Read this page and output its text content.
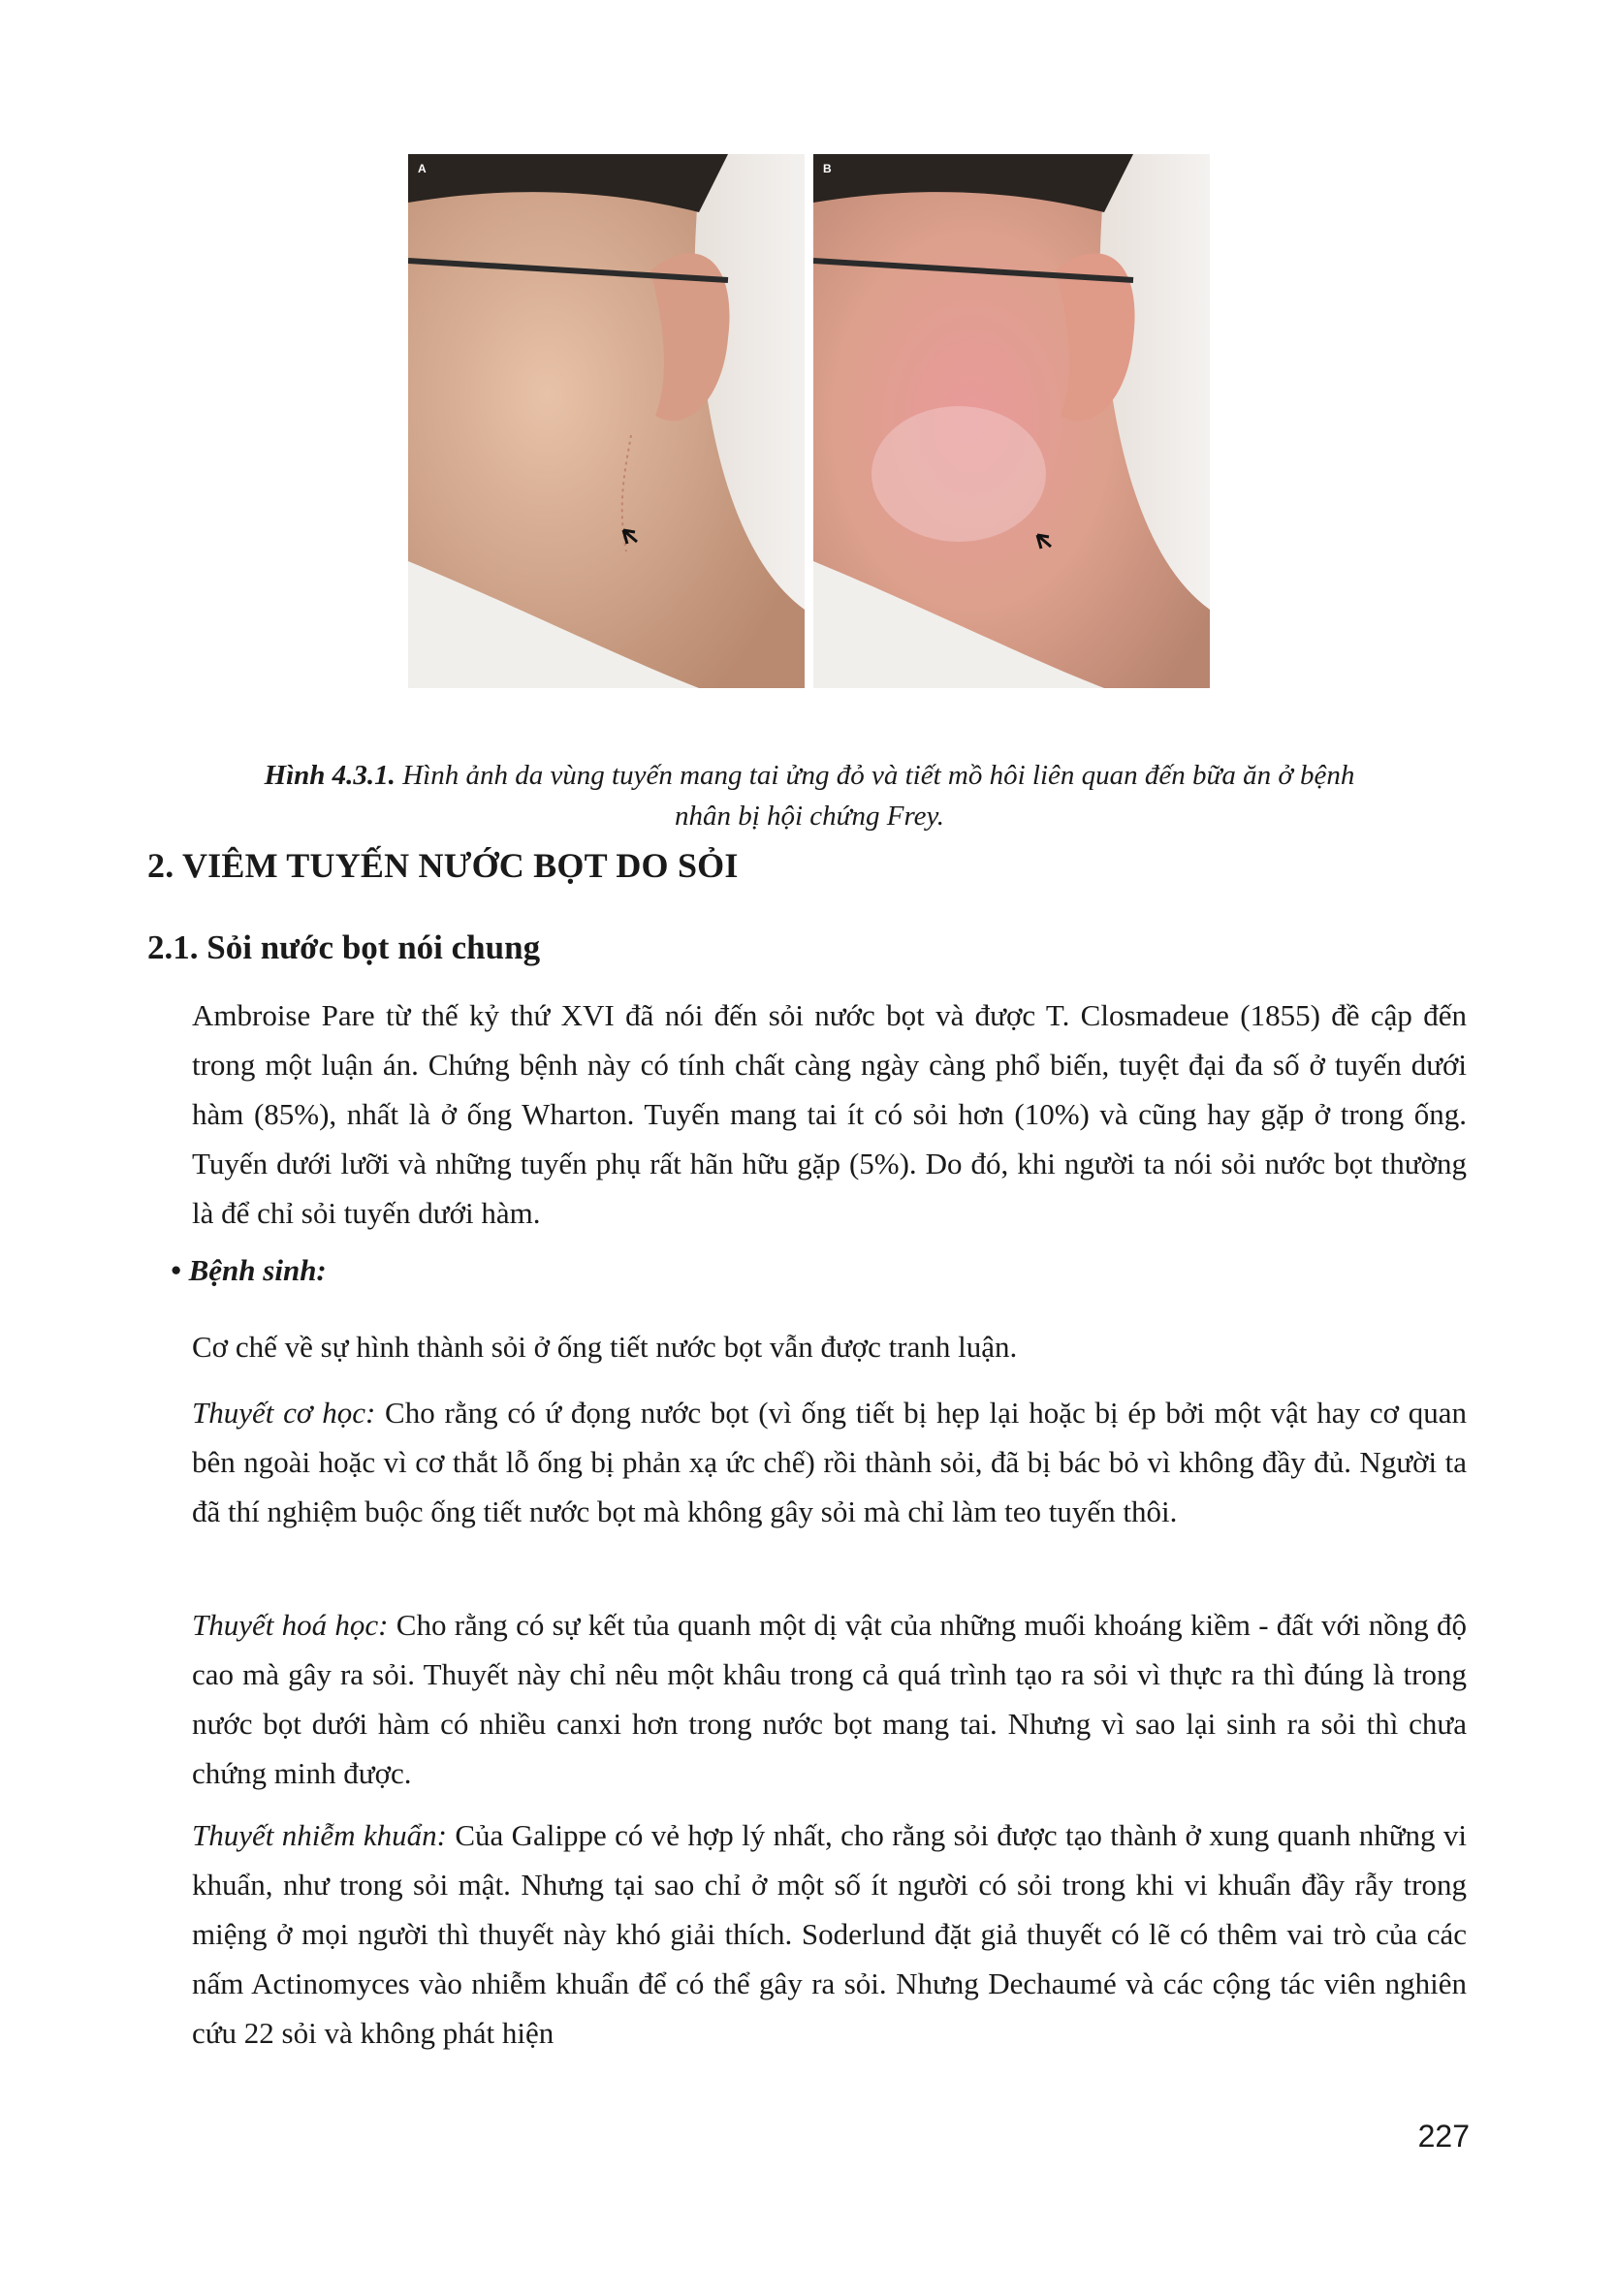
A	B

Hình 4.3.1. Hình ảnh da vùng tuyến mang tai ửng đỏ và tiết mồ hôi liên quan đến bữa ăn ở bệnh nhân bị hội chứng Frey.

2. VIÊM TUYẾN NƯỚC BỌT DO SỎI
2.1. Sỏi nước bọt nói chung

Ambroise Pare từ thế kỷ thứ XVI đã nói đến sỏi nước bọt và được T. Closmadeue (1855) đề cập đến trong một luận án. Chứng bệnh này có tính chất càng ngày càng phổ biến, tuyệt đại đa số ở tuyến dưới hàm (85%), nhất là ở ống Wharton. Tuyến mang tai ít có sỏi hơn (10%) và cũng hay gặp ở trong ống. Tuyến dưới lưỡi và những tuyến phụ rất hãn hữu gặp (5%). Do đó, khi người ta nói sỏi nước bọt thường là để chỉ sỏi tuyến dưới hàm.

• Bệnh sinh:

Cơ chế về sự hình thành sỏi ở ống tiết nước bọt vẫn được tranh luận.

Thuyết cơ học: Cho rằng có ứ đọng nước bọt (vì ống tiết bị hẹp lại hoặc bị ép bởi một vật hay cơ quan bên ngoài hoặc vì cơ thắt lỗ ống bị phản xạ ức chế) rồi thành sỏi, đã bị bác bỏ vì không đầy đủ. Người ta đã thí nghiệm buộc ống tiết nước bọt mà không gây sỏi mà chỉ làm teo tuyến thôi.

Thuyết hoá học: Cho rằng có sự kết tủa quanh một dị vật của những muối khoáng kiềm - đất với nồng độ cao mà gây ra sỏi. Thuyết này chỉ nêu một khâu trong cả quá trình tạo ra sỏi vì thực ra thì đúng là trong nước bọt dưới hàm có nhiều canxi hơn trong nước bọt mang tai. Nhưng vì sao lại sinh ra sỏi thì chưa chứng minh được.

Thuyết nhiễm khuẩn: Của Galippe có vẻ hợp lý nhất, cho rằng sỏi được tạo thành ở xung quanh những vi khuẩn, như trong sỏi mật. Nhưng tại sao chỉ ở một số ít người có sỏi trong khi vi khuẩn đầy rẫy trong miệng ở mọi người thì thuyết này khó giải thích. Soderlund đặt giả thuyết có lẽ có thêm vai trò của các nấm Actinomyces vào nhiễm khuẩn để có thể gây ra sỏi. Nhưng Dechaumé và các cộng tác viên nghiên cứu 22 sỏi và không phát hiện

227
